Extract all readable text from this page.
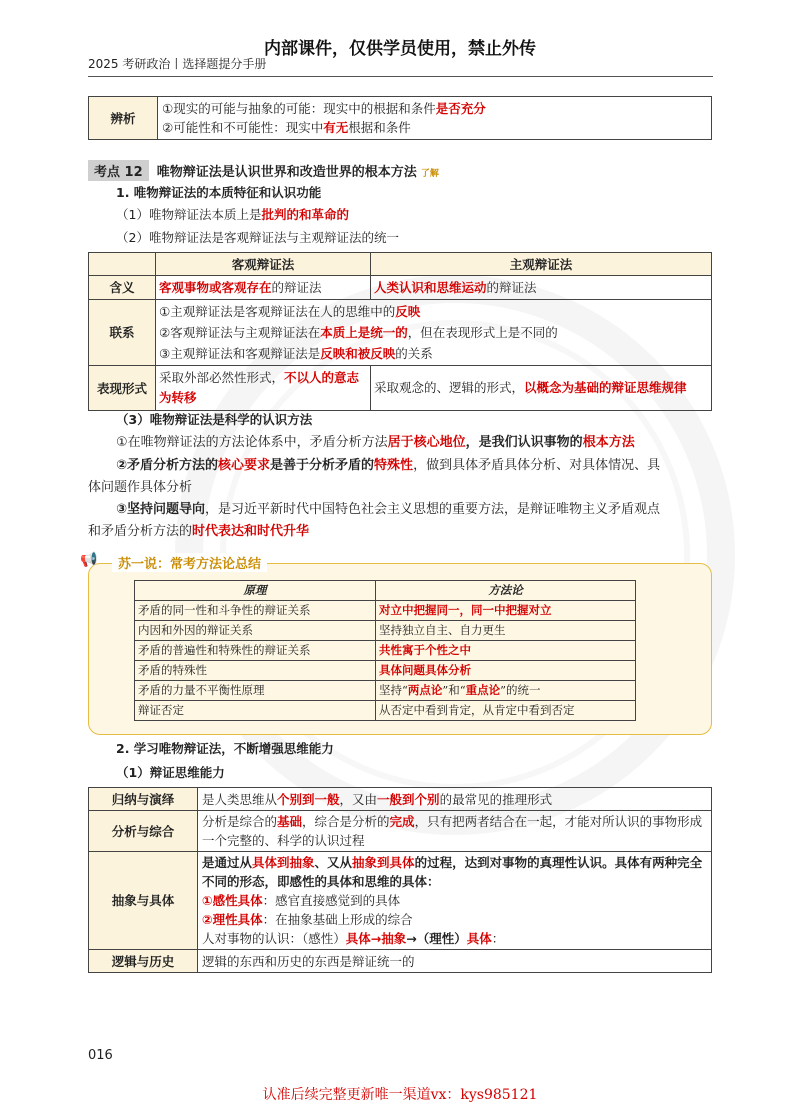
内部课件，仅供学员使用，禁止外传
2025 考研政治丨选择题提分手册
辨析	
①现实的可能与抽象的可能：现实中的根据和条件是否充分
②可能性和不可能性：现实中有无根据和条件
考点 12 唯物辩证法是认识世界和改造世界的根本方法 了解
1. 唯物辩证法的本质特征和认识功能
（1）唯物辩证法本质上是批判的和革命的
（2）唯物辩证法是客观辩证法与主观辩证法的统一
	客观辩证法	主观辩证法
含义	客观事物或客观存在的辩证法	人类认识和思维运动的辩证法
联系	①主观辩证法是客观辩证法在人的思维中的反映
②客观辩证法与主观辩证法在本质上是统一的，但在表现形式上是不同的
③主观辩证法和客观辩证法是反映和被反映的关系	

表现形式	采取外部必然性形式，不以人的意志为转移	采取观念的、逻辑的形式，以概念为基础的辩证思维规律
（3）唯物辩证法是科学的认识方法
①在唯物辩证法的方法论体系中，矛盾分析方法居于核心地位，是我们认识事物的根本方法
②矛盾分析方法的核心要求是善于分析矛盾的特殊性，做到具体矛盾具体分析、对具体情况、具
体问题作具体分析
③坚持问题导向，是习近平新时代中国特色社会主义思想的重要方法，是辩证唯物主义矛盾观点
和矛盾分析方法的时代表达和时代升华
📢	苏一说：常考方法论总结
原理	方法论
矛盾的同一性和斗争性的辩证关系	对立中把握同一，同一中把握对立
内因和外因的辩证关系	坚持独立自主、自力更生
矛盾的普遍性和特殊性的辩证关系	共性寓于个性之中
矛盾的特殊性	具体问题具体分析
矛盾的力量不平衡性原理	坚持“两点论”和“重点论”的统一
辩证否定	从否定中看到肯定，从肯定中看到否定
2. 学习唯物辩证法，不断增强思维能力
（1）辩证思维能力
归纳与演绎	是人类思维从个别到一般，又由一般到个别的最常见的推理形式
分析与综合	分析是综合的基础，综合是分析的完成，只有把两者结合在一起，才能对所认识的事物形成一个完整的、科学的认识过程
抽象与具体	是通过从具体到抽象、又从抽象到具体的过程，达到对事物的真理性认识。具体有两种完全不同的形态，即感性的具体和思维的具体：
①感性具体：感官直接感觉到的具体
②理性具体：在抽象基础上形成的综合
人对事物的认识：（感性）具体→抽象→（理性）具体：

逻辑与历史	逻辑的东西和历史的东西是辩证统一的
016
认准后续完整更新唯一渠道vx：kys985121
